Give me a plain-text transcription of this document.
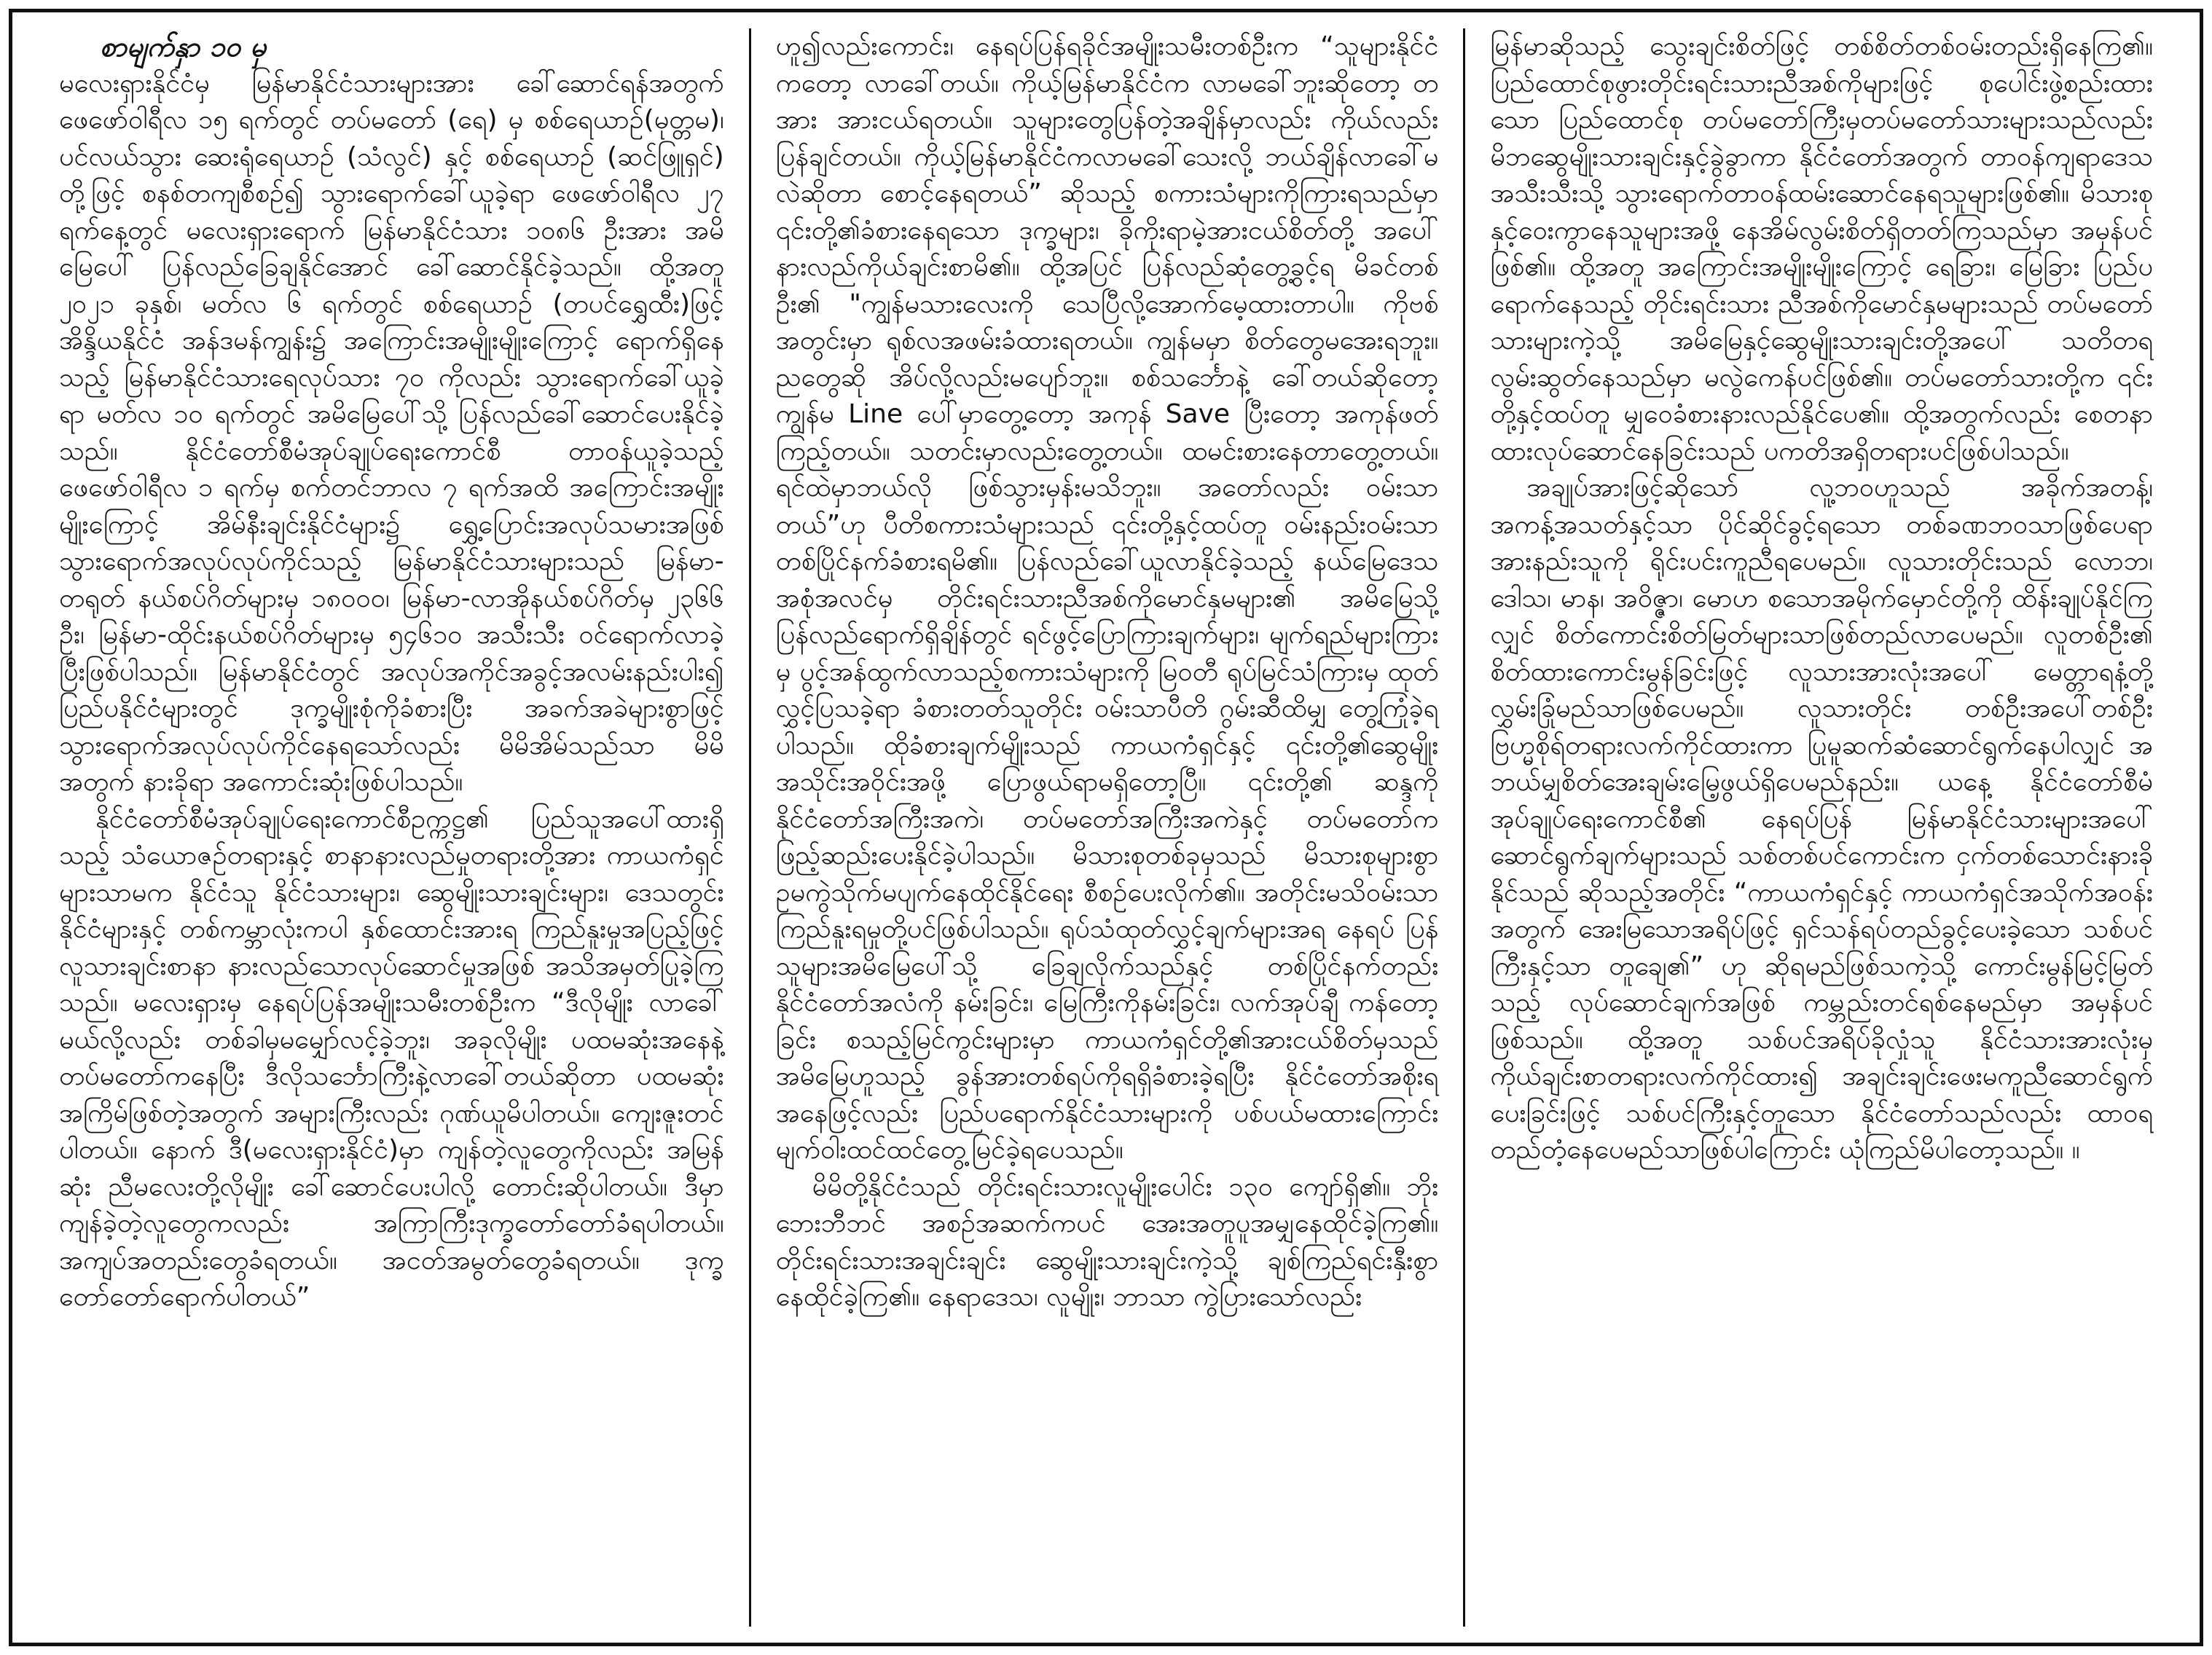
စာမျက်နှာ ၁၀ မှ

မလေးရှားနိုင်ငံမှ မြန်မာနိုင်ငံသားများအား ခေါ်ဆောင်ရန်အတွက် ဖေဖော်ဝါရီလ ၁၅ ရက်တွင် တပ်မတော် (ရေ) မှ စစ်ရေယာဉ်(မုတ္တမ)၊ ပင်လယ်သွား ဆေးရုံရေယာဉ် (သံလွင်) နှင့် စစ်ရေယာဉ် (ဆင်ဖြူရှင်) တို့ဖြင့် စနစ်တကျစီစဉ်၍ သွားရောက်ခေါ်ယူခဲ့ရာ ဖေဖော်ဝါရီလ ၂၇ ရက်နေ့တွင် မလေးရှားရောက် မြန်မာနိုင်ငံသား ၁၀၈၆ ဦးအား အမိမြေပေါ် ပြန်လည်ခြေချနိုင်အောင် ခေါ်ဆောင်နိုင်ခဲ့သည်။ ထို့အတူ ၂၀၂၁ ခုနှစ်၊ မတ်လ ၆ ရက်တွင် စစ်ရေယာဉ် (တပင်ရွှေထီး)ဖြင့် အိန္ဒိယနိုင်ငံ အန်ဒမန်ကျွန်း၌ အကြောင်းအမျိုးမျိုးကြောင့် ရောက်ရှိနေသည့် မြန်မာနိုင်ငံသားရေလုပ်သား ၇၀ ကိုလည်း သွားရောက်ခေါ်ယူခဲ့ရာ မတ်လ ၁၀ ရက်တွင် အမိမြေပေါ်သို့ ပြန်လည်ခေါ်ဆောင်ပေးနိုင်ခဲ့သည်။ နိုင်ငံတော်စီမံအုပ်ချုပ်ရေးကောင်စီ တာဝန်ယူခဲ့သည့် ဖေဖော်ဝါရီလ ၁ ရက်မှ စက်တင်ဘာလ ၇ ရက်အထိ အကြောင်းအမျိုးမျိုးကြောင့် အိမ်နီးချင်းနိုင်ငံများ၌ ရွှေ့ပြောင်းအလုပ်သမားအဖြစ် သွားရောက်အလုပ်လုပ်ကိုင်သည့် မြန်မာနိုင်ငံသားများသည် မြန်မာ-တရုတ် နယ်စပ်ဂိတ်များမှ ၁၈၀၀၀၊ မြန်မာ-လာအိုနယ်စပ်ဂိတ်မှ ၂၃၆၆ ဦး၊ မြန်မာ-ထိုင်းနယ်စပ်ဂိတ်များမှ ၅၄၆၁၀ အသီးသီး ဝင်ရောက်လာခဲ့ပြီးဖြစ်ပါသည်။ မြန်မာနိုင်ငံတွင် အလုပ်အကိုင်အခွင့်အလမ်းနည်းပါး၍ ပြည်ပနိုင်ငံများတွင် ဒုက္ခမျိုးစုံကိုခံစားပြီး အခက်အခဲများစွာဖြင့် သွားရောက်အလုပ်လုပ်ကိုင်နေရသော်လည်း မိမိအိမ်သည်သာ မိမိအတွက် နားခိုရာ အကောင်းဆုံးဖြစ်ပါသည်။

နိုင်ငံတော်စီမံအုပ်ချုပ်ရေးကောင်စီဥက္ကဋ္ဌ၏ ပြည်သူအပေါ်ထားရှိသည့် သံယောဇဉ်တရားနှင့် စာနာနားလည်မှုတရားတို့အား ကာယကံရှင်များသာမက နိုင်ငံသူ နိုင်ငံသားများ၊ ဆွေမျိုးသားချင်းများ၊ ဒေသတွင်းနိုင်ငံများနှင့် တစ်ကမ္ဘာလုံးကပါ နှစ်ထောင်းအားရ ကြည်နူးမှုအပြည့်ဖြင့် လူသားချင်းစာနာ နားလည်သောလုပ်ဆောင်မှုအဖြစ် အသိအမှတ်ပြုခဲ့ကြသည်။ မလေးရှားမှ နေရပ်ပြန်အမျိုးသမီးတစ်ဦးက “ဒီလိုမျိုး လာခေါ်မယ်လို့လည်း တစ်ခါမှမမျှော်လင့်ခဲ့ဘူး၊ အခုလိုမျိုး ပထမဆုံးအနေနဲ့ တပ်မတော်ကနေပြီး ဒီလိုသင်္ဘောကြီးနဲ့လာခေါ်တယ်ဆိုတာ ပထမဆုံးအကြိမ်ဖြစ်တဲ့အတွက် အများကြီးလည်း ဂုဏ်ယူမိပါတယ်။ ကျေးဇူးတင်ပါတယ်။ နောက် ဒီ(မလေးရှားနိုင်ငံ)မှာ ကျန်တဲ့လူတွေကိုလည်း အမြန်ဆုံး ညီမလေးတို့လိုမျိုး ခေါ်ဆောင်ပေးပါလို့ တောင်းဆိုပါတယ်။ ဒီမှာကျန်ခဲ့တဲ့လူတွေကလည်း အကြာကြီးဒုက္ခတော်တော်ခံရပါတယ်။ အကျပ်အတည်းတွေခံရတယ်။ အငတ်အမွတ်တွေခံရတယ်။ ဒုက္ခတော်တော်ရောက်ပါတယ်”

ဟူ၍လည်းကောင်း၊ နေရပ်ပြန်ရခိုင်အမျိုးသမီးတစ်ဦးက “သူများနိုင်ငံကတော့ လာခေါ်တယ်။ ကိုယ့်မြန်မာနိုင်ငံက လာမခေါ်ဘူးဆိုတော့ တအား အားငယ်ရတယ်။ သူများတွေပြန်တဲ့အချိန်မှာလည်း ကိုယ်လည်း ပြန်ချင်တယ်။ ကိုယ့်မြန်မာနိုင်ငံကလာမခေါ်သေးလို့ ဘယ်ချိန်လာခေါ်မလဲဆိုတာ စောင့်နေရတယ်” ဆိုသည့် စကားသံများကိုကြားရသည်မှာ ၎င်းတို့၏ခံစားနေရသော ဒုက္ခများ၊ ခိုကိုးရာမဲ့အားငယ်စိတ်တို့ အပေါ် နားလည်ကိုယ်ချင်းစာမိ၏။ ထို့အပြင် ပြန်လည်ဆုံတွေ့ခွင့်ရ မိခင်တစ်ဦး၏ "ကျွန်မသားလေးကို သေပြီလို့အောက်မေ့ထားတာပါ။ ကိုဗစ်အတွင်းမှာ ရုစ်လအဖမ်းခံထားရတယ်။ ကျွန်မမှာ စိတ်တွေမအေးရဘူး။ ညတွေဆို အိပ်လို့လည်းမပျော်ဘူး။ စစ်သင်္ဘောနဲ့ ခေါ်တယ်ဆိုတော့ ကျွန်မ Line ပေါ်မှာတွေ့တော့ အကုန် Save ပြီးတော့ အကုန်ဖတ်ကြည့်တယ်။ သတင်းမှာလည်းတွေ့တယ်။ ထမင်းစားနေတာတွေ့တယ်။ ရင်ထဲမှာဘယ်လို ဖြစ်သွားမှန်းမသိဘူး။ အတော်လည်း ဝမ်းသာတယ်”ဟု ပီတိစကားသံများသည် ၎င်းတို့နှင့်ထပ်တူ ဝမ်းနည်းဝမ်းသာ တစ်ပြိုင်နက်ခံစားရမိ၏။ ပြန်လည်ခေါ်ယူလာနိုင်ခဲ့သည့် နယ်မြေဒေသအစုံအလင်မှ တိုင်းရင်းသားညီအစ်ကိုမောင်နှမများ၏ အမိမြေသို့ပြန်လည်ရောက်ရှိချိန်တွင် ရင်ဖွင့်ပြောကြားချက်များ၊ မျက်ရည်များကြားမှ ပွင့်အန်ထွက်လာသည့်စကားသံများကို မြဝတီ ရုပ်မြင်သံကြားမှ ထုတ်လွှင့်ပြသခဲ့ရာ ခံစားတတ်သူတိုင်း ဝမ်းသာပီတိ ဂွမ်းဆီထိမျှ တွေ့ကြုံခဲ့ရပါသည်။ ထိုခံစားချက်မျိုးသည် ကာယကံရှင်နှင့် ၎င်းတို့၏ဆွေမျိုးအသိုင်းအဝိုင်းအဖို့ ပြောဖွယ်ရာမရှိတော့ပြီ။ ၎င်းတို့၏ ဆန္ဒကို နိုင်ငံတော်အကြီးအကဲ၊ တပ်မတော်အကြီးအကဲနှင့် တပ်မတော်က ဖြည့်ဆည်းပေးနိုင်ခဲ့ပါသည်။ မိသားစုတစ်ခုမှသည် မိသားစုများစွာ ဥမကွဲသိုက်မပျက်နေထိုင်နိုင်ရေး စီစဉ်ပေးလိုက်၏။ အတိုင်းမသိဝမ်းသာကြည်နူးရမှုတို့ပင်ဖြစ်ပါသည်။ ရုပ်သံထုတ်လွှင့်ချက်များအရ နေရပ် ပြန်သူများအမိမြေပေါ်သို့ ခြေချလိုက်သည်နှင့် တစ်ပြိုင်နက်တည်း နိုင်ငံတော်အလံကို နမ်းခြင်း၊ မြေကြီးကိုနမ်းခြင်း၊ လက်အုပ်ချီ ကန်တော့ခြင်း စသည့်မြင်ကွင်းများမှာ ကာယကံရှင်တို့၏အားငယ်စိတ်မှသည် အမိမြေဟူသည့် ခွန်အားတစ်ရပ်ကိုရရှိခံစားခဲ့ရပြီး နိုင်ငံတော်အစိုးရအနေဖြင့်လည်း ပြည်ပရောက်နိုင်ငံသားများကို ပစ်ပယ်မထားကြောင်း မျက်ဝါးထင်ထင်တွေ့မြင်ခဲ့ရပေသည်။

မိမိတို့နိုင်ငံသည် တိုင်းရင်းသားလူမျိုးပေါင်း ၁၃၀ ကျော်ရှိ၏။ ဘိုးဘေးဘီဘင် အစဉ်အဆက်ကပင် အေးအတူပူအမျှနေထိုင်ခဲ့ကြ၏။ တိုင်းရင်းသားအချင်းချင်း ဆွေမျိုးသားချင်းကဲ့သို့ ချစ်ကြည်ရင်းနှီးစွာနေထိုင်ခဲ့ကြ၏။ နေရာဒေသ၊ လူမျိုး၊ ဘာသာ ကွဲပြားသော်လည်း

မြန်မာဆိုသည့် သွေးချင်းစိတ်ဖြင့် တစ်စိတ်တစ်ဝမ်းတည်းရှိနေကြ၏။ ပြည်ထောင်စုဖွားတိုင်းရင်းသားညီအစ်ကိုများဖြင့် စုပေါင်းဖွဲ့စည်းထားသော ပြည်ထောင်စု တပ်မတော်ကြီးမှတပ်မတော်သားများသည်လည်း မိဘဆွေမျိုးသားချင်းနှင့်ခွဲခွာကာ နိုင်ငံတော်အတွက် တာဝန်ကျရာဒေသအသီးသီးသို့ သွားရောက်တာဝန်ထမ်းဆောင်နေရသူများဖြစ်၏။ မိသားစုနှင့်ဝေးကွာနေသူများအဖို့ နေအိမ်လွမ်းစိတ်ရှိတတ်ကြသည်မှာ အမှန်ပင်ဖြစ်၏။ ထို့အတူ အကြောင်းအမျိုးမျိုးကြောင့် ရေခြား၊ မြေခြား ပြည်ပရောက်နေသည့် တိုင်းရင်းသား ညီအစ်ကိုမောင်နှမများသည် တပ်မတော်သားများကဲ့သို့ အမိမြေနှင့်ဆွေမျိုးသားချင်းတို့အပေါ် သတိတရလွမ်းဆွတ်နေသည်မှာ မလွဲကေန်ပင်ဖြစ်၏။ တပ်မတော်သားတို့က ၎င်းတို့နှင့်ထပ်တူ မျှဝေခံစားနားလည်နိုင်ပေ၏။ ထို့အတွက်လည်း စေတနာထားလုပ်ဆောင်နေခြင်းသည် ပကတိအရှိတရားပင်ဖြစ်ပါသည်။

အချုပ်အားဖြင့်ဆိုသော် လူ့ဘဝဟူသည် အခိုက်အတန့်၊ အကန့်အသတ်နှင့်သာ ပိုင်ဆိုင်ခွင့်ရသော တစ်ခဏဘဝသာဖြစ်ပေရာ အားနည်းသူကို ရိုင်းပင်းကူညီရပေမည်။ လူသားတိုင်းသည် လောဘ၊ ဒေါသ၊ မာန၊ အဝိဇ္ဇာ၊ မောဟ စသောအမိုက်မှောင်တို့ကို ထိန်းချုပ်နိုင်ကြလျှင် စိတ်ကောင်းစိတ်မြတ်များသာဖြစ်တည်လာပေမည်။ လူတစ်ဦး၏ စိတ်ထားကောင်းမွန်ခြင်းဖြင့် လူသားအားလုံးအပေါ် မေတ္တာရနံ့တို့လွှမ်းခြုံမည်သာဖြစ်ပေမည်။ လူသားတိုင်း တစ်ဦးအပေါ်တစ်ဦး ဗြဟ္မစိုရ်တရားလက်ကိုင်ထားကာ ပြုမူဆက်ဆံဆောင်ရွက်နေပါလျှင် အဘယ်မျှစိတ်အေးချမ်းမြေ့ဖွယ်ရှိပေမည်နည်း။ ယနေ့ နိုင်ငံတော်စီမံအုပ်ချုပ်ရေးကောင်စီ၏ နေရပ်ပြန် မြန်မာနိုင်ငံသားများအပေါ် ဆောင်ရွက်ချက်များသည် သစ်တစ်ပင်ကောင်းက ငှက်တစ်သောင်းနားခိုနိုင်သည် ဆိုသည့်အတိုင်း “ကာယကံရှင်နှင့် ကာယကံရှင်အသိုက်အဝန်းအတွက် အေးမြသောအရိပ်ဖြင့် ရှင်သန်ရပ်တည်ခွင့်ပေးခဲ့သော သစ်ပင်ကြီးနှင့်သာ တူချေ၏” ဟု ဆိုရမည်ဖြစ်သကဲ့သို့ ကောင်းမွန်မြင့်မြတ်သည့် လုပ်ဆောင်ချက်အဖြစ် ကမ္ဘည်းတင်ရစ်နေမည်မှာ အမှန်ပင်ဖြစ်သည်။ ထို့အတူ သစ်ပင်အရိပ်ခိုလှုံသူ နိုင်ငံသားအားလုံးမှ ကိုယ်ချင်းစာတရားလက်ကိုင်ထား၍ အချင်းချင်းဖေးမကူညီဆောင်ရွက်ပေးခြင်းဖြင့် သစ်ပင်ကြီးနှင့်တူသော နိုင်ငံတော်သည်လည်း ထာဝရတည်တံ့နေပေမည်သာဖြစ်ပါကြောင်း ယုံကြည်မိပါတော့သည်။ ။
